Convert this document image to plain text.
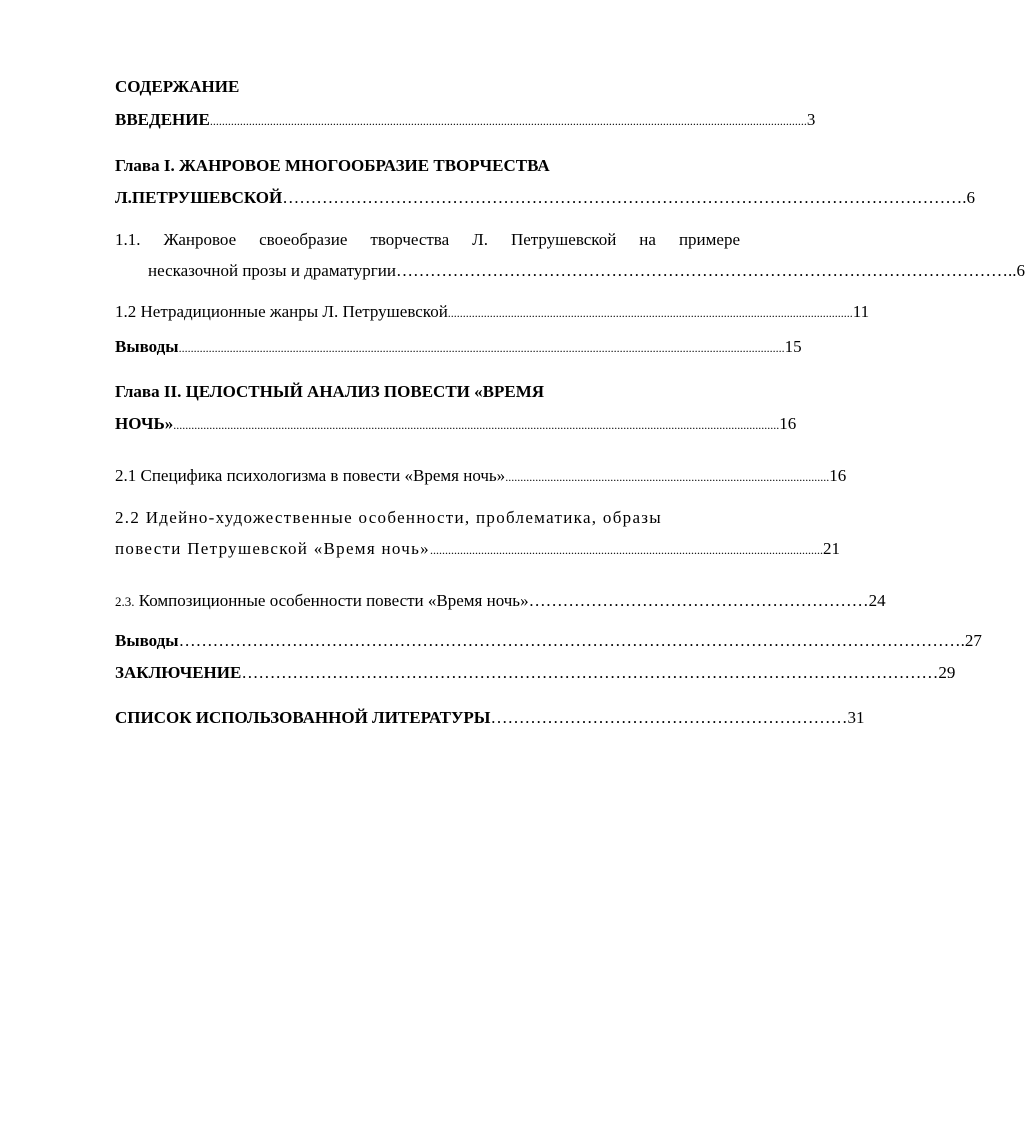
СОДЕРЖАНИЕ
ВВЕДЕНИЕ ....................................................................................................................................................................................................... 3
Глава I. ЖАНРОВОЕ МНОГООБРАЗИЕ ТВОРЧЕСТВА
Л.ПЕТРУШЕВСКОЙ ………………………………………………………………………………………………………… .6
1.1. Жанровое своеобразие творчества Л. Петрушевской на примере
несказочной прозы и драматургии ……………………………………………………………………………………………… ..6
1.2 Нетрадиционные жанры Л. Петрушевской ....................................................................................................................................... 11
Выводы .......................................................................................................................................................................................................... 15
Глава II. ЦЕЛОСТНЫЙ АНАЛИЗ ПОВЕСТИ «ВРЕМЯ
НОЧЬ» .......................................................................................................................................................................................................... 16
2.1 Специфика психологизма в повести «Время ночь» ............................................................................................................ 16
2.2 Идейно-художественные особенности, проблематика, образы
повести Петрушевской «Время ночь» ................................................................................................................................... 21
2.3. Композиционные особенности повести «Время ночь» ………………………………………………… …24
Выводы ………………………………………………………………………………………………………………………… .27
ЗАКЛЮЧЕНИЕ …………………………………………………………………………………………………………… 29
СПИСОК ИСПОЛЬЗОВАННОЙ ЛИТЕРАТУРЫ …………………………………………………… …31
